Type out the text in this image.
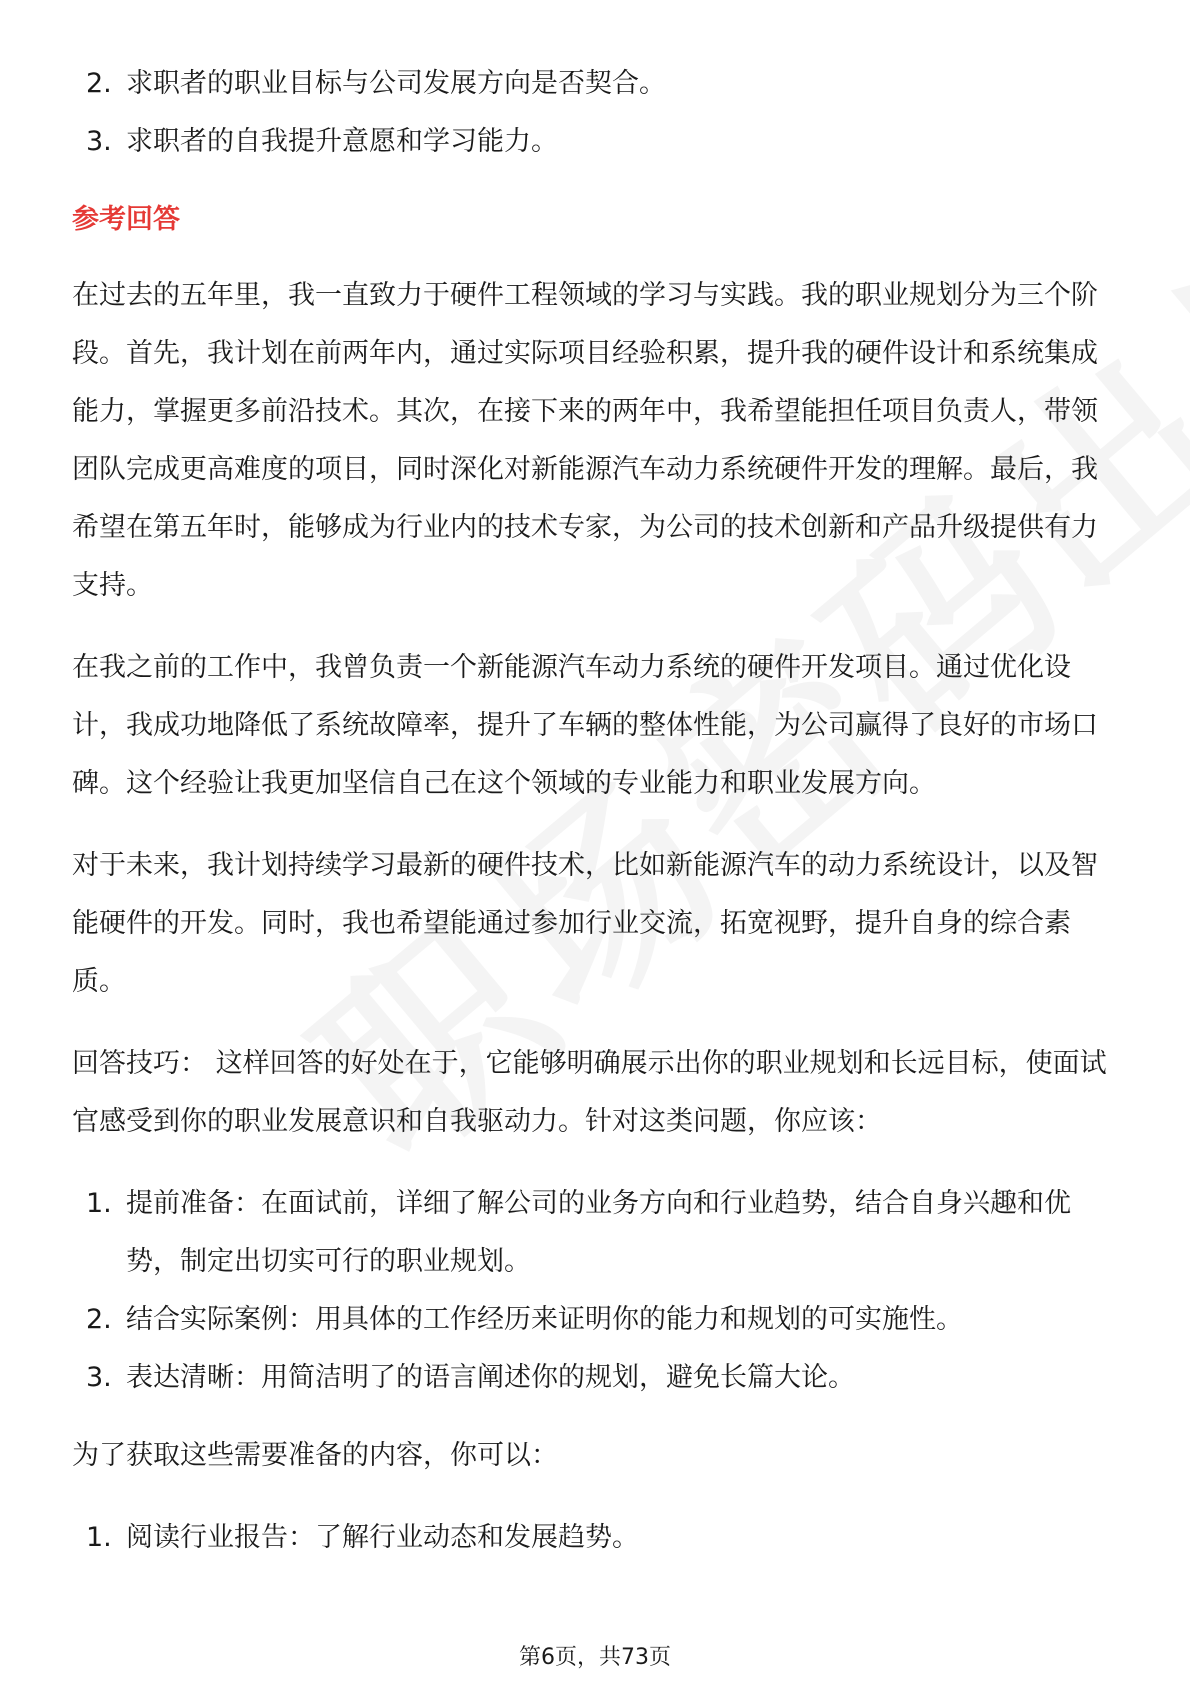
2. 求职者的职业目标与公司发展方向是否契合。
3. 求职者的自我提升意愿和学习能力。
参考回答

在过去的五年里，我一直致力于硬件工程领域的学习与实践。我的职业规划分为三个阶段。首先，我计划在前两年内，通过实际项目经验积累，提升我的硬件设计和系统集成能力，掌握更多前沿技术。其次，在接下来的两年中，我希望能担任项目负责人，带领团队完成更高难度的项目，同时深化对新能源汽车动力系统硬件开发的理解。最后，我希望在第五年时，能够成为行业内的技术专家，为公司的技术创新和产品升级提供有力支持。

在我之前的工作中，我曾负责一个新能源汽车动力系统的硬件开发项目。通过优化设计，我成功地降低了系统故障率，提升了车辆的整体性能，为公司赢得了良好的市场口碑。这个经验让我更加坚信自己在这个领域的专业能力和职业发展方向。

对于未来，我计划持续学习最新的硬件技术，比如新能源汽车的动力系统设计，以及智能硬件的开发。同时，我也希望能通过参加行业交流，拓宽视野，提升自身的综合素质。

回答技巧： 这样回答的好处在于，它能够明确展示出你的职业规划和长远目标，使面试官感受到你的职业发展意识和自我驱动力。针对这类问题，你应该：

1. 提前准备：在面试前，详细了解公司的业务方向和行业趋势，结合自身兴趣和优势，制定出切实可行的职业规划。
2. 结合实际案例：用具体的工作经历来证明你的能力和规划的可实施性。
3. 表达清晰：用简洁明了的语言阐述你的规划，避免长篇大论。

为了获取这些需要准备的内容，你可以：

1. 阅读行业报告：了解行业动态和发展趋势。
第6页，共73页
